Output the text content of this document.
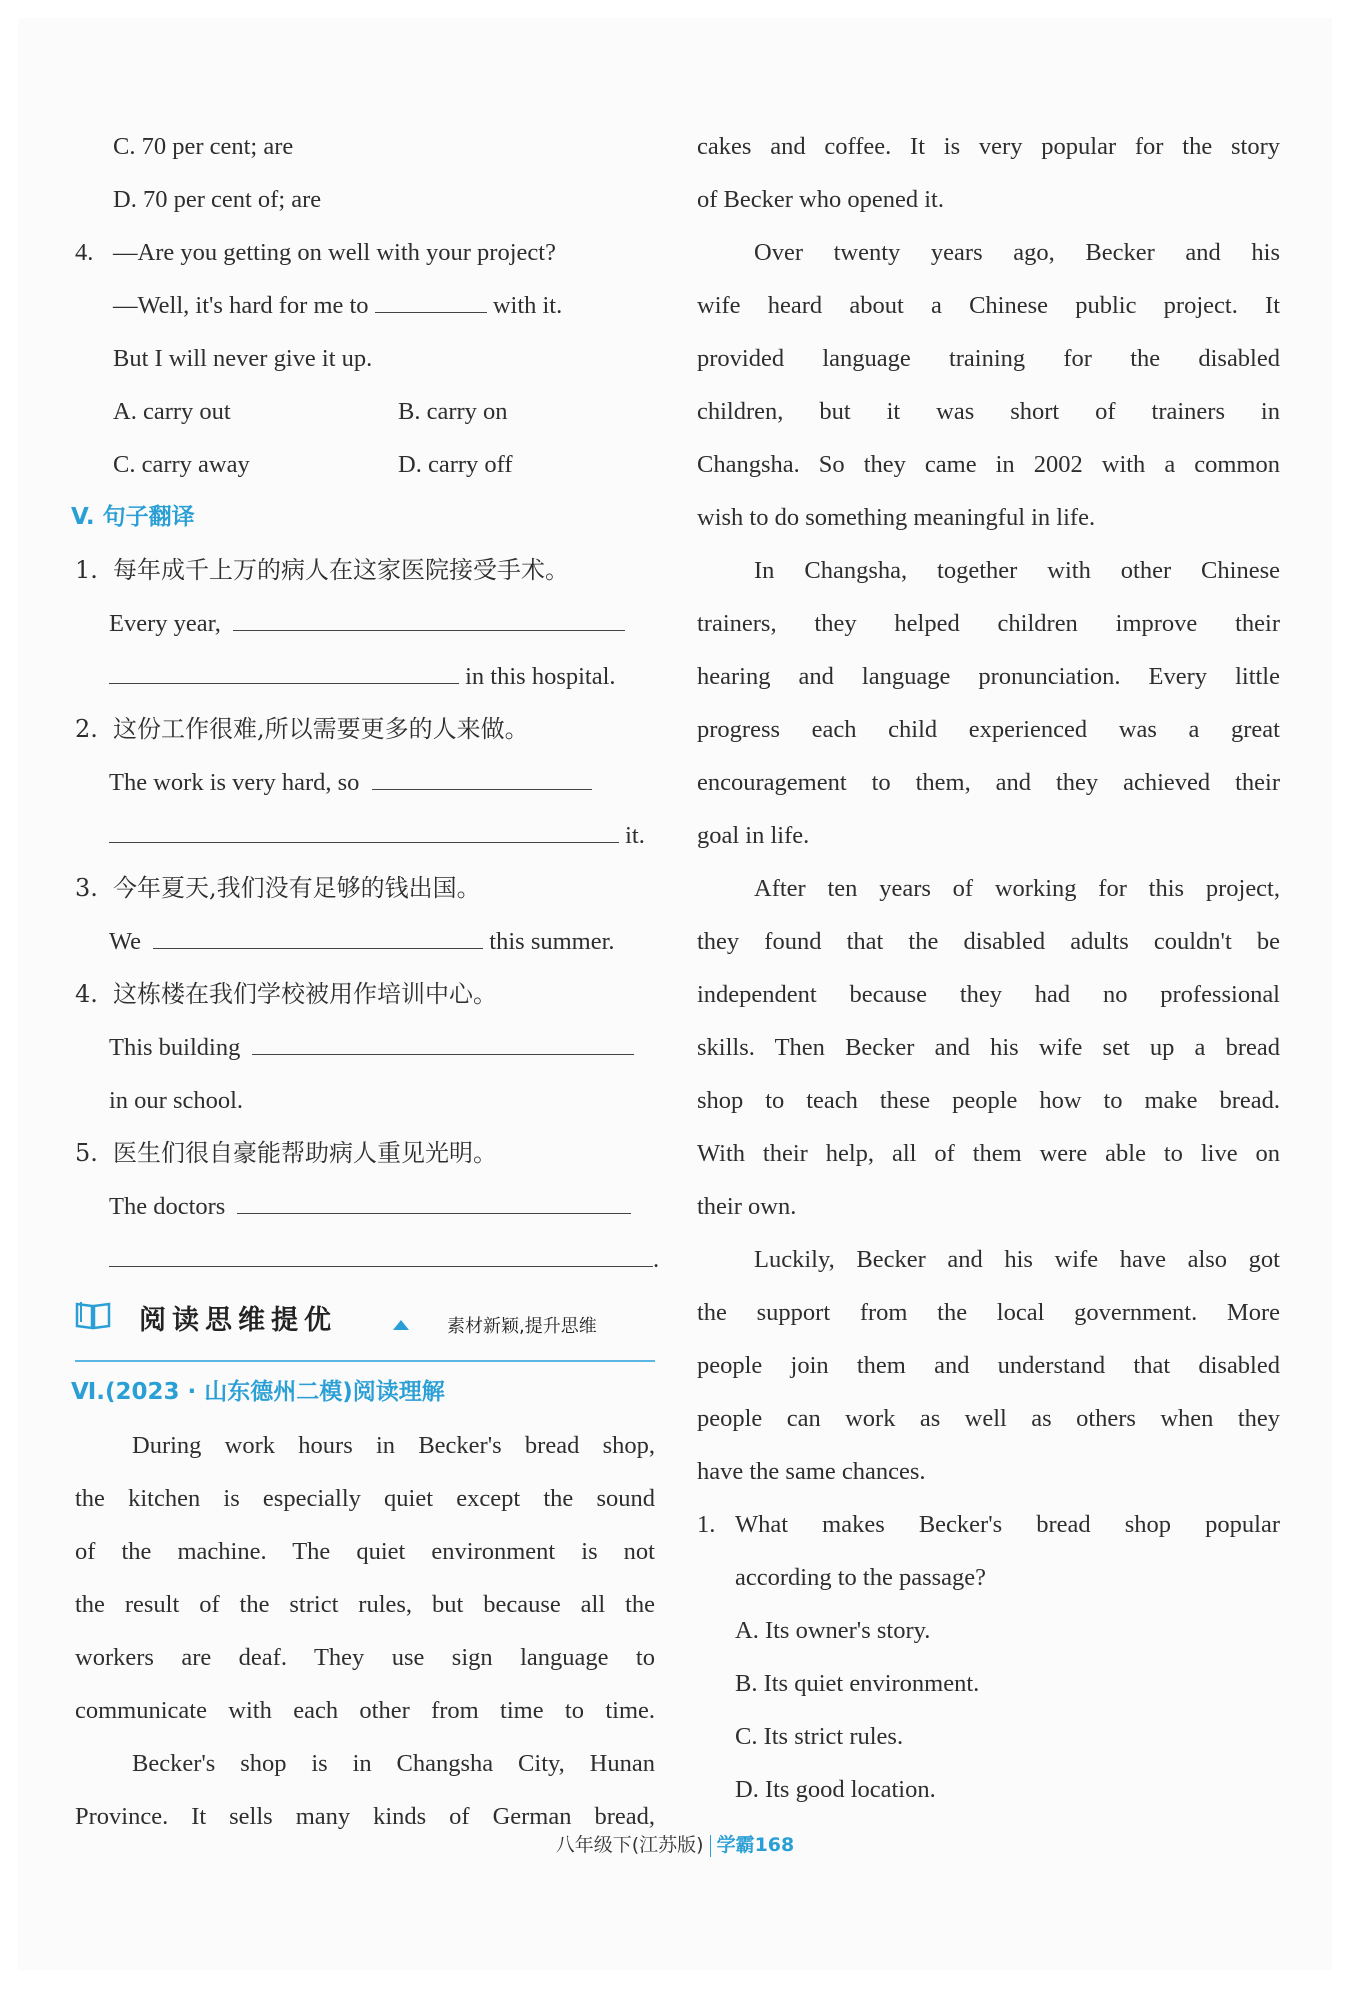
C. 70 per cent; are
D. 70 per cent of; are
4. —Are you getting on well with your project?
—Well, it's hard for me to	with it.
But I will never give it up.
A. carry out	B. carry on
C. carry away	D. carry off
V. 句子翻译
1. 每年成千上万的病人在这家医院接受手术。
Every year,
in this hospital.
2. 这份工作很难,所以需要更多的人来做。
The work is very hard, so
it.
3. 今年夏天,我们没有足够的钱出国。
We	this summer.
4. 这栋楼在我们学校被用作培训中心。
This building
in our school.
5. 医生们很自豪能帮助病人重见光明。
The doctors
.
阅读思维提优	素材新颖,提升思维
Ⅵ.(2023 · 山东德州二模)阅读理解
During work hours in Becker's bread shop,
the kitchen is especially quiet except the sound
of the machine. The quiet environment is not
the result of the strict rules, but because all the
workers are deaf. They use sign language to
communicate with each other from time to time.
Becker's shop is in Changsha City, Hunan
Province. It sells many kinds of German bread,
cakes and coffee. It is very popular for the story
of Becker who opened it.
Over twenty years ago, Becker and his
wife heard about a Chinese public project. It
provided language training for the disabled
children, but it was short of trainers in
Changsha. So they came in 2002 with a common
wish to do something meaningful in life.
In Changsha, together with other Chinese
trainers, they helped children improve their
hearing and language pronunciation. Every little
progress each child experienced was a great
encouragement to them, and they achieved their
goal in life.
After ten years of working for this project,
they found that the disabled adults couldn't be
independent because they had no professional
skills. Then Becker and his wife set up a bread
shop to teach these people how to make bread.
With their help, all of them were able to live on
their own.
Luckily, Becker and his wife have also got
the support from the local government. More
people join them and understand that disabled
people can work as well as others when they
have the same chances.
1. What makes Becker's bread shop popular
according to the passage?
A. Its owner's story.
B. Its quiet environment.
C. Its strict rules.
D. Its good location.
八年级下(江苏版) 学霸168
